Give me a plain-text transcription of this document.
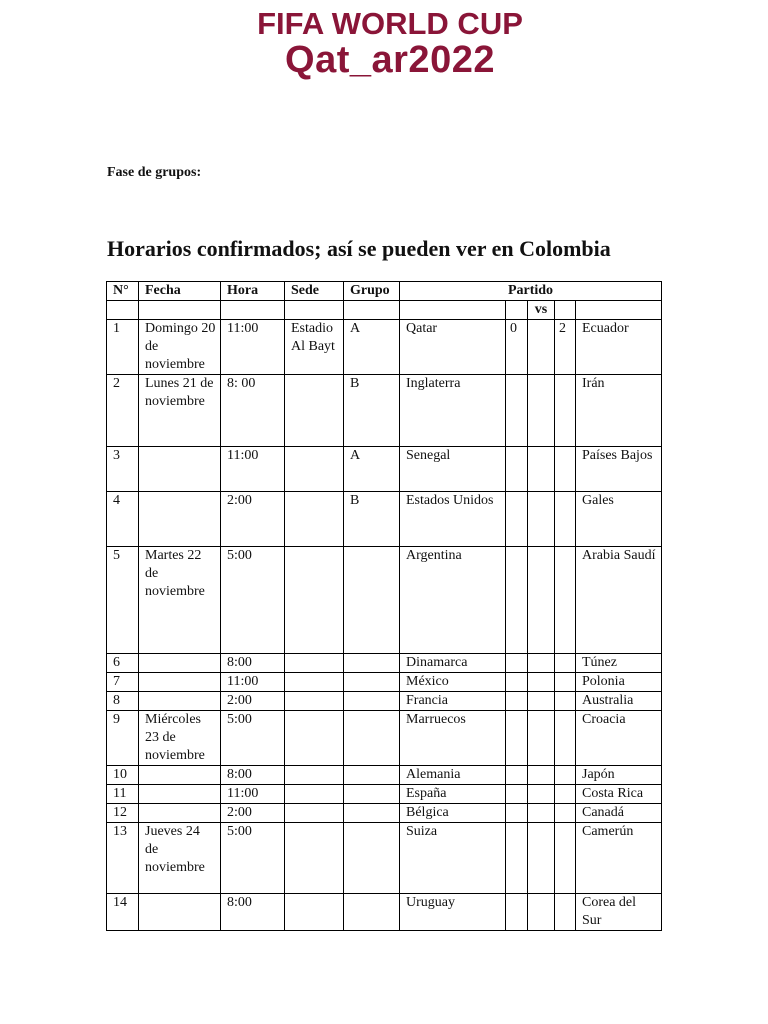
FIFA WORLD CUP
Qat_ar2022
Fase de grupos:
Horarios confirmados; así se pueden ver en Colombia
N°	Fecha	Hora	Sede	Grupo	Partido				
							vs		
1	Domingo 20 de noviembre	11:00	Estadio Al Bayt	A	Qatar	0		2	Ecuador
2	Lunes 21 de noviembre	8: 00		B	Inglaterra				Irán
3		11:00		A	Senegal				Países Bajos
4		2:00		B	Estados Unidos				Gales
5	Martes 22 de noviembre	5:00			Argentina				Arabia Saudí
6		8:00			Dinamarca				Túnez
7		11:00			México				Polonia
8		2:00			Francia				Australia
9	Miércoles 23 de noviembre	5:00			Marruecos				Croacia
10		8:00			Alemania				Japón
11		11:00			España				Costa Rica
12		2:00			Bélgica				Canadá
13	Jueves 24 de noviembre	5:00			Suiza				Camerún
14		8:00			Uruguay				Corea del Sur
